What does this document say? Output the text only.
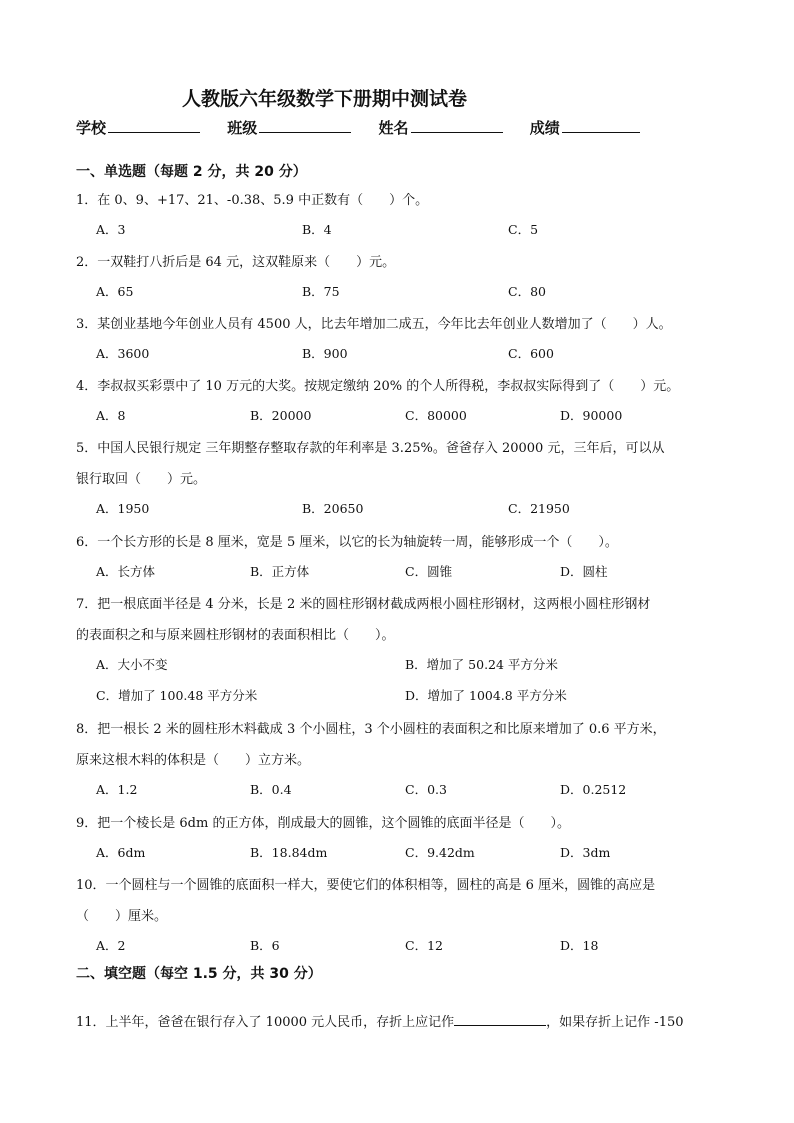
人教版六年级数学下册期中测试卷
学校	班级	姓名	成绩
一、单选题（每题 2 分，共 20 分）
1．在 0、9、+17、21、-0.38、5.9 中正数有（　　）个。
A．3	B．4	C．5
2．一双鞋打八折后是 64 元，这双鞋原来（　　）元。
A．65	B．75	C．80
3．某创业基地今年创业人员有 4500 人，比去年增加二成五，今年比去年创业人数增加了（　　）人。
A．3600	B．900	C．600
4．李叔叔买彩票中了 10 万元的大奖。按规定缴纳 20% 的个人所得税，李叔叔实际得到了（　　）元。
A．8	B．20000	C．80000	D．90000
5．中国人民银行规定 三年期整存整取存款的年利率是 3.25%。爸爸存入 20000 元，三年后，可以从
银行取回（　　）元。
A．1950	B．20650	C．21950
6．一个长方形的长是 8 厘米，宽是 5 厘米，以它的长为轴旋转一周，能够形成一个（　　）。
A．长方体	B．正方体	C．圆锥	D．圆柱
7．把一根底面半径是 4 分米，长是 2 米的圆柱形钢材截成两根小圆柱形钢材，这两根小圆柱形钢材
的表面积之和与原来圆柱形钢材的表面积相比（　　）。
A．大小不变	B．增加了 50.24 平方分米
C．增加了 100.48 平方分米	D．增加了 1004.8 平方分米
8．把一根长 2 米的圆柱形木料截成 3 个小圆柱，3 个小圆柱的表面积之和比原来增加了 0.6 平方米，
原来这根木料的体积是（　　）立方米。
A．1.2	B．0.4	C．0.3	D．0.2512
9．把一个棱长是 6dm 的正方体，削成最大的圆锥，这个圆锥的底面半径是（　　）。
A．6dm	B．18.84dm	C．9.42dm	D．3dm
10．一个圆柱与一个圆锥的底面积一样大，要使它们的体积相等，圆柱的高是 6 厘米，圆锥的高应是
（　　）厘米。
A．2	B．6	C．12	D．18
二、填空题（每空 1.5 分，共 30 分）
11．上半年，爸爸在银行存入了 10000 元人民币，存折上应记作	，如果存折上记作 -150
